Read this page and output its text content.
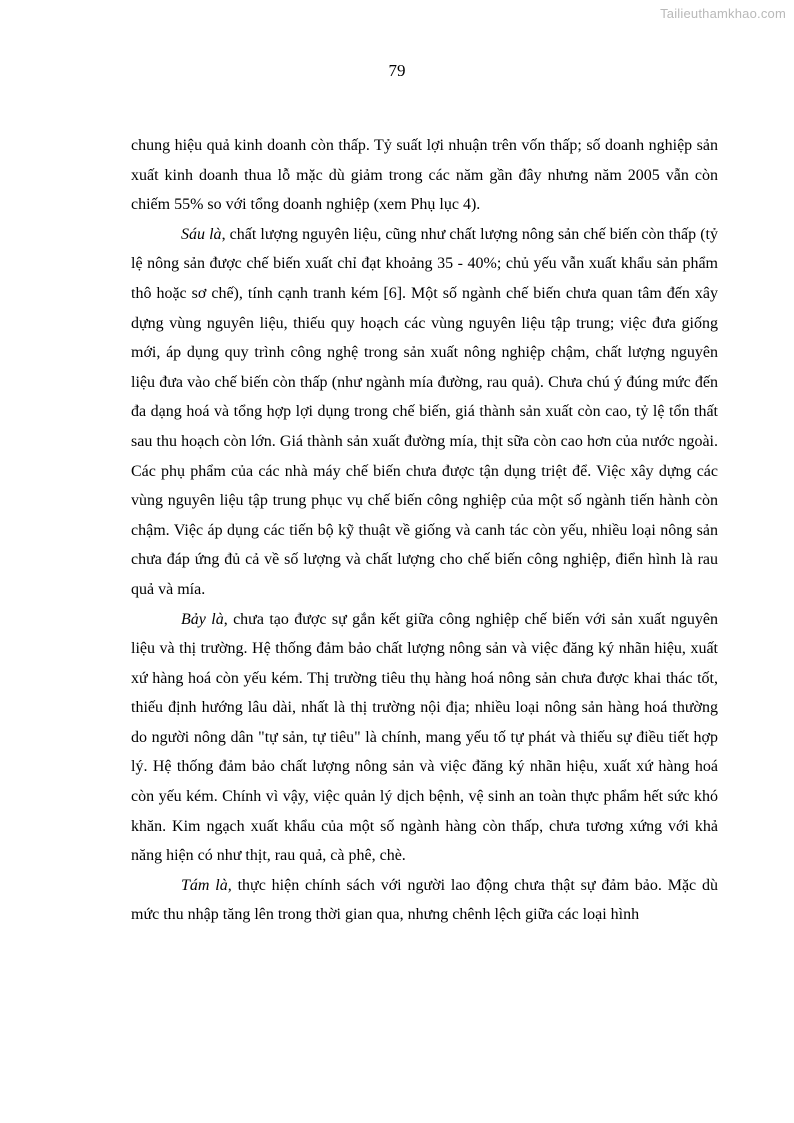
Tailieuthamkhao.com
79

chung hiệu quả kinh doanh còn thấp. Tỷ suất lợi nhuận trên vốn thấp; số doanh nghiệp sản xuất kinh doanh thua lỗ mặc dù giảm trong các năm gần đây nhưng năm 2005 vẫn còn chiếm 55% so với tổng doanh nghiệp (xem Phụ lục 4).

Sáu là, chất lượng nguyên liệu, cũng như chất lượng nông sản chế biến còn thấp (tỷ lệ nông sản được chế biến xuất chỉ đạt khoảng 35 - 40%; chủ yếu vẫn xuất khẩu sản phẩm thô hoặc sơ chế), tính cạnh tranh kém [6]. Một số ngành chế biến chưa quan tâm đến xây dựng vùng nguyên liệu, thiếu quy hoạch các vùng nguyên liệu tập trung; việc đưa giống mới, áp dụng quy trình công nghệ trong sản xuất nông nghiệp chậm, chất lượng nguyên liệu đưa vào chế biến còn thấp (như ngành mía đường, rau quả). Chưa chú ý đúng mức đến đa dạng hoá và tổng hợp lợi dụng trong chế biến, giá thành sản xuất còn cao, tỷ lệ tổn thất sau thu hoạch còn lớn. Giá thành sản xuất đường mía, thịt sữa còn cao hơn của nước ngoài. Các phụ phẩm của các nhà máy chế biến chưa được tận dụng triệt để. Việc xây dựng các vùng nguyên liệu tập trung phục vụ chế biến công nghiệp của một số ngành tiến hành còn chậm. Việc áp dụng các tiến bộ kỹ thuật về giống và canh tác còn yếu, nhiều loại nông sản chưa đáp ứng đủ cả về số lượng và chất lượng cho chế biến công nghiệp, điển hình là rau quả và mía.

Bảy là, chưa tạo được sự gắn kết giữa công nghiệp chế biến với sản xuất nguyên liệu và thị trường. Hệ thống đảm bảo chất lượng nông sản và việc đăng ký nhãn hiệu, xuất xứ hàng hoá còn yếu kém. Thị trường tiêu thụ hàng hoá nông sản chưa được khai thác tốt, thiếu định hướng lâu dài, nhất là thị trường nội địa; nhiều loại nông sản hàng hoá thường do người nông dân "tự sản, tự tiêu" là chính, mang yếu tố tự phát và thiếu sự điều tiết hợp lý. Hệ thống đảm bảo chất lượng nông sản và việc đăng ký nhãn hiệu, xuất xứ hàng hoá còn yếu kém. Chính vì vậy, việc quản lý dịch bệnh, vệ sinh an toàn thực phẩm hết sức khó khăn. Kim ngạch xuất khẩu của một số ngành hàng còn thấp, chưa tương xứng với khả năng hiện có như thịt, rau quả, cà phê, chè.

Tám là, thực hiện chính sách với người lao động chưa thật sự đảm bảo. Mặc dù mức thu nhập tăng lên trong thời gian qua, nhưng chênh lệch giữa các loại hình
